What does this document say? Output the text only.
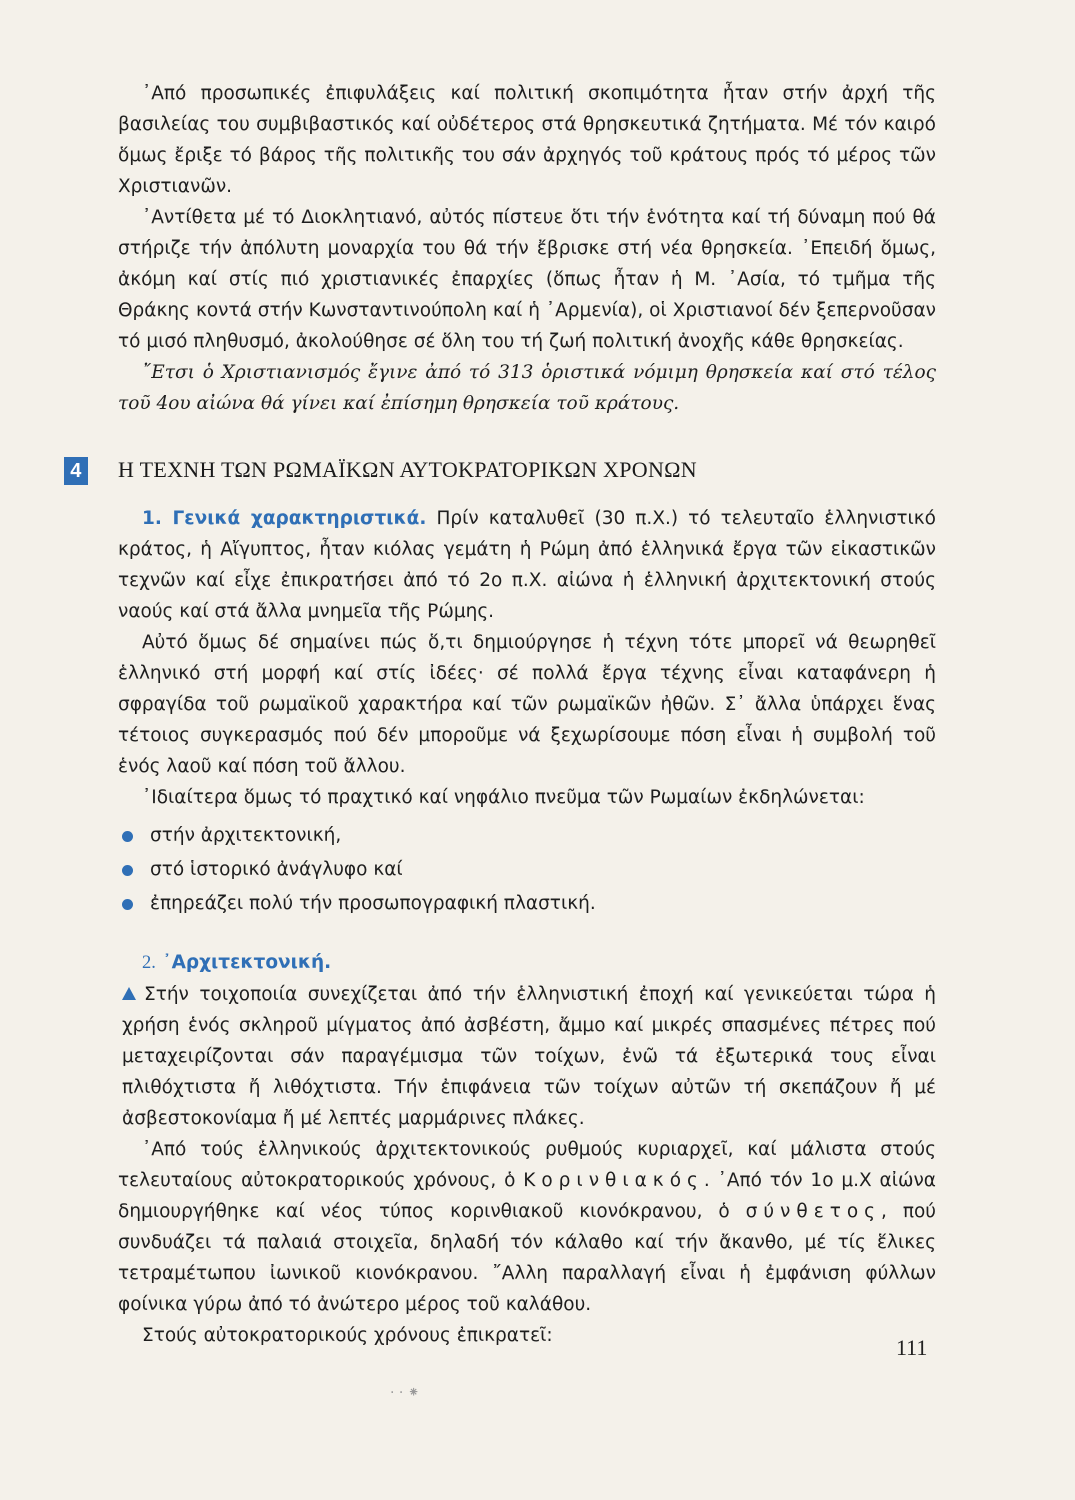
᾿Από προσωπικές ἐπιφυλάξεις καί πολιτική σκοπιμότητα ἦταν στήν ἀρχή τῆς βασιλείας του συμβιβαστικός καί οὐδέτερος στά θρησκευτικά ζητήματα. Μέ τόν καιρό ὅμως ἔριξε τό βάρος τῆς πολιτικῆς του σάν ἀρχηγός τοῦ κράτους πρός τό μέρος τῶν Χριστιανῶν.

᾿Αντίθετα μέ τό Διοκλητιανό, αὐτός πίστευε ὅτι τήν ἑνότητα καί τή δύναμη πού θά στήριζε τήν ἀπόλυτη μοναρχία του θά τήν ἔβρισκε στή νέα θρησκεία. ᾿Επειδή ὅμως, ἀκόμη καί στίς πιό χριστιανικές ἐπαρχίες (ὅπως ἦταν ἡ Μ. ᾿Ασία, τό τμῆμα τῆς Θράκης κοντά στήν Κωνσταντινούπολη καί ἡ ᾿Αρμενία), οἱ Χριστιανοί δέν ξεπερνοῦσαν τό μισό πληθυσμό, ἀκολούθησε σέ ὅλη του τή ζωή πολιτική ἀνοχῆς κάθε θρησκείας.

῎Ετσι ὁ Χριστιανισμός ἔγινε ἀπό τό 313 ὁριστικά νόμιμη θρησκεία καί στό τέλος τοῦ 4ου αἰώνα θά γίνει καί ἐπίσημη θρησκεία τοῦ κράτους.

4 Η ΤΕΧΝΗ ΤΩΝ ΡΩΜΑΪΚΩΝ ΑΥΤΟΚΡΑΤΟΡΙΚΩΝ ΧΡΟΝΩΝ

1. Γενικά χαρακτηριστικά. Πρίν καταλυθεῖ (30 π.Χ.) τό τελευταῖο ἑλληνιστικό κράτος, ἡ Αἴγυπτος, ἦταν κιόλας γεμάτη ἡ Ρώμη ἀπό ἑλληνικά ἔργα τῶν εἰκαστικῶν τεχνῶν καί εἶχε ἐπικρατήσει ἀπό τό 2ο π.Χ. αἰώνα ἡ ἑλληνική ἀρχιτεκτονική στούς ναούς καί στά ἄλλα μνημεῖα τῆς Ρώμης.

Αὐτό ὅμως δέ σημαίνει πώς ὅ,τι δημιούργησε ἡ τέχνη τότε μπορεῖ νά θεωρηθεῖ ἑλληνικό στή μορφή καί στίς ἰδέες· σέ πολλά ἔργα τέχνης εἶναι καταφάνερη ἡ σφραγίδα τοῦ ρωμαϊκοῦ χαρακτήρα καί τῶν ρωμαϊκῶν ἠθῶν. Σ᾿ ἄλλα ὑπάρχει ἕνας τέτοιος συγκερασμός πού δέν μποροῦμε νά ξεχωρίσουμε πόση εἶναι ἡ συμβολή τοῦ ἑνός λαοῦ καί πόση τοῦ ἄλλου.

᾿Ιδιαίτερα ὅμως τό πραχτικό καί νηφάλιο πνεῦμα τῶν Ρωμαίων ἐκδηλώνεται:

στήν ἀρχιτεκτονική,
στό ἱστορικό ἀνάγλυφο καί
ἐπηρεάζει πολύ τήν προσωπογραφική πλαστική.

2. ᾿Αρχιτεκτονική.

Στήν τοιχοποιία συνεχίζεται ἀπό τήν ἑλληνιστική ἐποχή καί γενικεύεται τώρα ἡ χρήση ἑνός σκληροῦ μίγματος ἀπό ἀσβέστη, ἄμμο καί μικρές σπασμένες πέτρες πού μεταχειρίζονται σάν παραγέμισμα τῶν τοίχων, ἐνῶ τά ἐξωτερικά τους εἶναι πλιθόχτιστα ἤ λιθόχτιστα. Τήν ἐπιφάνεια τῶν τοίχων αὐτῶν τή σκεπάζουν ἤ μέ ἀσβεστοκονίαμα ἤ μέ λεπτές μαρμάρινες πλάκες.

᾿Από τούς ἑλληνικούς ἀρχιτεκτονικούς ρυθμούς κυριαρχεῖ, καί μάλιστα στούς τελευταίους αὐτοκρατορικούς χρόνους, ὁ Κορινθιακός. ᾿Από τόν 1ο μ.Χ αἰώνα δημιουργήθηκε καί νέος τύπος κορινθιακοῦ κιονόκρανου, ὁ σύνθετος, πού συνδυάζει τά παλαιά στοιχεῖα, δηλαδή τόν κάλαθο καί τήν ἄκανθο, μέ τίς ἕλικες τετραμέτωπου ἰωνικοῦ κιονόκρανου. ῎Αλλη παραλλαγή εἶναι ἡ ἐμφάνιση φύλλων φοίνικα γύρω ἀπό τό ἀνώτερο μέρος τοῦ καλάθου.

Στούς αὐτοκρατορικούς χρόνους ἐπικρατεῖ:	111
· · ⁕
